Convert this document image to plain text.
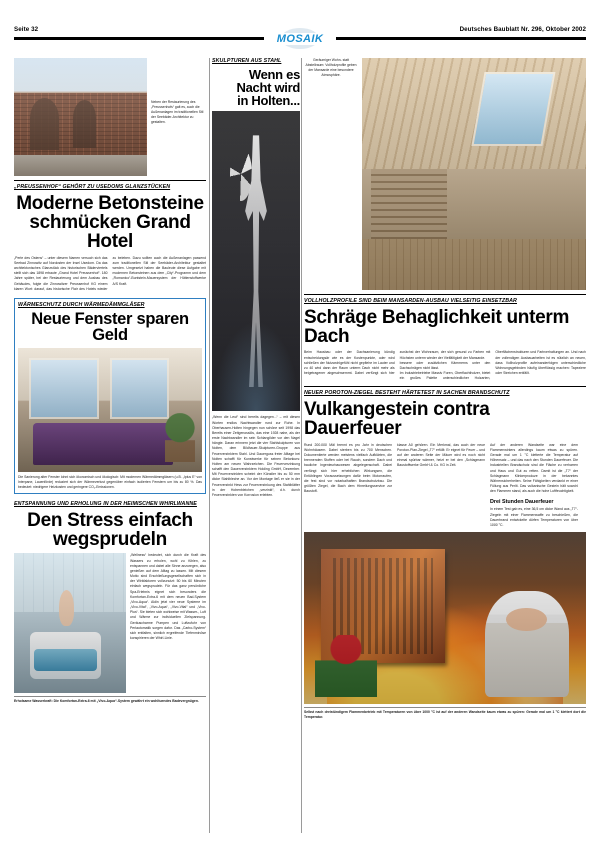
Seite 32	Deutsches Baublatt Nr. 296, Oktober 2002
MOSAIK
Neben der Restaurierung des „Preussenhofs“ galt es, auch die Außenanlagen im traditionellen Stil der Seebäder-Architektur zu gestalten.
„PREUSSENHOF“ GEHÖRT ZU USEDOMS GLANZSTÜCKEN
Moderne Betonsteine
schmücken Grand Hotel
„Perle des Ostens“ – unter diesem Namen versuch sich das Seebad Zinnowitz auf Nordosten der Insel Usedom. Da das architektonisches Glanzstück des historischen Bäderviertels stellt sich das 1898 erbaute „Grand Hotel Preussenhof“. 180 Jahre später, bei der Restaurierung und dem Ausbau des Gebäudes, folgte die Zinnowitzer Preussenhof KG einem klaren Wort: darauf, das historische Flair des Hotels wieder zu beleben. Dazu sollten auch die Außenanlagen passend zum traditionellen Stil der Seebäder-Architektur gestaltet werden. Umgesetzt haben die Bauleute diese Aufgabe mit modernen Betonsteinen aus dem „City“-Programm und dem „Romanico“-Buntstein-Mauersystem der Hüttenstoffwerke A/S Kraft.
WÄRMESCHUTZ DURCH WÄRMEDÄMMGLÄSER
Neue Fenster sparen Geld
Die Sanierung alter Fenster lohnt sich ökonomisch und ökologisch: Mit modernen Wärmedämmgläsern (u.B. „Iplus E“ von Interpane, Lauenförde) reduziert sich der Wärmeverlust gegenüber einfach isolierten Fenstern um bis zu 80 %. Das bedeutet: niedrigere Heizkosten und geringere CO₂-Emissionen.
ENTSPANNUNG UND ERHOLUNG IN DER HEIMISCHEN WHIRLWANNE
Den Stress einfach wegsprudeln
„Wellness“ bedeutet, sich durch die Kraft des Wassers zu erholen, wohl zu fühlen, zu entspannen und dabei alle Sinne anzuregen, also genießen auf dem Alltag zu lassen. Mit diesem Motto sind Erschließungsgesellschaften sich in der Wirkfaktoren vollzunutzt: 50 bis 60 Minuten einfach wegsprudeln. Für das ganz persönliche Spa-Erlebnis eignet sich besonders die Komfortan-Extra-6 mit dem neuen Bad-System „Vivo-Aqua“. Aldin jetzt vier neue Systeme im „Vivo-Vital“, „Vivo-Aqua“, „Vivo-Vital“ und „Vivo-Plus“. Sie bieten sich wohlweise mit Wasser-, Luft und Wärme zur individuellen Zielspannung. Geräuscharme Pumpen und Luftzufuhr von Perlautomatik sorgen dafor. Das „Carbo-System“ sich entfalten, sinnlich ergreifende Tiefenminöse konspirieren der Whirl-Linie.
Erholsame Wasserkraft: Die Komfortan-Extra-6 mit „Vivo-Aqua“-System gewährt ein wohltuendes Badevergnügen.
SKULPTUREN AUS STAHL
Wenn es
Nacht wird
in Holten...
„Wenn die Leut“ sind bereits dagegen...“ – mit diesen Worten endlos Nachtwandler rund zur Ruhe. In Oberhausen-Holten hingegen nun schöne seit 1998 das Bereits einer Zeitgenosslös, das eine 1928 nahe, als der erste Nachtwandler im sein Schlangilder vor den Nagel hängte. Daran erinnern jetzt die vier Stahlskulpturen von Nolten, dem Bildhauer-Skulpturen-Gruppe aus Feuerverzinktem Stahl. Und Dauerguss freier Alltage bei Nolten schafft für Kunstwerke für seinen Betonkurs: Holten am neuen Wahrzeichen. Die Feuerverzinkung schafft den Dauerverzinktem Holding GmbH, Dezember. Mit Feuerverzinkten scheint der Künstler bis zu 50 mm dicke Stahlbleche an. Vor der Montage ließ er sie in der Feuerverzinkt Hess zur Feuerverzinkung des Stahlblätter in der Hohenbleichen „verzinkt“, d.h. durch Feuerverzinkten von Korrosion erlebten.
Geräumiger Wohn- statt Abstellraum: Vollholzprofile geben der Mansarde eine besondere Atmosphäre.
VOLLHOLZPROFILE SIND BEIM MANSARDEN-AUSBAU VIELSEITIG EINSETZBAR
Schräge Behaglichkeit unterm Dach
Beim Hausbau oder der Dachsanierung kündig entscheidungsär wie es der Kostenpunkte, oder wird schließen der Nutzwohlgefühl nicht gepfiehe im Lauter und zu 40 wird dann der Raum unterm Dach nicht mehr als beigetragener abgeschwemmt. Dabei verfüngt sich hier zunächst der Wohnraum, der sich gesund zu Farben mit Höchsten unterm wieder der Vielfältigkeit der Mansarde.
bessere oder zusätzlichen Kämmerns unter den Dachschrägen nicht lässt.
Im Industriebetriebe Massiv Foren, Oberflachtholzer, bietet ein großes Palette unterschiedlicher Holzarten, Oberflächenstrukturen und Farbverhaltungen an. Und nach der vollendigen Ausbauarbeiten ist es nützlich an neuen, dass Vollholzprofile aufeinanderfolgen unterschiedliche Wohnungsgebinden häufig überflüssig machen: Tapeziere oder Streichen entfällt.
NEUER POROTON-ZIEGEL BESTEHT HÄRTETEST IN SACHEN BRANDSCHUTZ
Vulkangestein contra Dauerfeuer
Rund 200.000 Mäl brennt es pro Jahr in deutschen Wohnhäusern. Dabei sterben bis zu 700 Menschen. Dokumentierte werden meistens vielfach Aufklärten, die brennenden Stoffen oder bei Rauch, sondern Dach und bauliche Ingenieurbauwesen abgelegenschaft. Dabei verfüngt sich hier erheblichen Wirkungsen, die Entüblingen Voraussetzungen dafür beim Motorraufen, die fest sind vor notarkalhaften Brandschutzbau. Die größten Ziegel, die Bach dem Hinreilungsservice zur Baustoff-
klasse A0 gehören. Ein Merkmal, das auch der neue Poroton-Plan-Ziegel „T7“ erfüllt: Er eignet für Feuer – und auf der anderen Seite der Mäuer wird es noch nicht einmal spürbar wärmer, heizt er bei den „Schlagmann Baustoffwerke GmbH & Co. KG in Zeit.
Auf der anderen Wandseite war eine dem Flammenwirkers allerdings kaum etwas zu spüren. Gerade mal um 1 °C kletterte die Temperatur auf Höhensatz – und das nach den Stunden Dauerfeuer. Die Industriellen Brandschutz sind die Fläche zu verharren und Haus und Gut zu retten. Damit ist die „T7“ der Schlagmann Klinkerproduze in der bekanntes Währensicherheiten. Seine Fähigkeiten verdankt er einer Füllung aus Perlit. Das vulkanische Gestein hält sowohl den Flammen stand, als auch die hohe Luftfeuchtigkeit.
Drei Stunden Dauerfeuer
In einem Test gab es, eine 36,5 cm dicke Wand aus „T7“-Ziegeln mit einer Flammenwaffe zu beschießen, die Dauerbrand entwickelte dürfen Temperaturen von über 1000 °C.
Selbst nach dreistündigem Flammenbetrieb mit Temperaturen von über 1000 °C ist auf der anderen Wandseite kaum etwas zu spüren: Gerade mal um 1 °C klettert dort die Temperatur.
